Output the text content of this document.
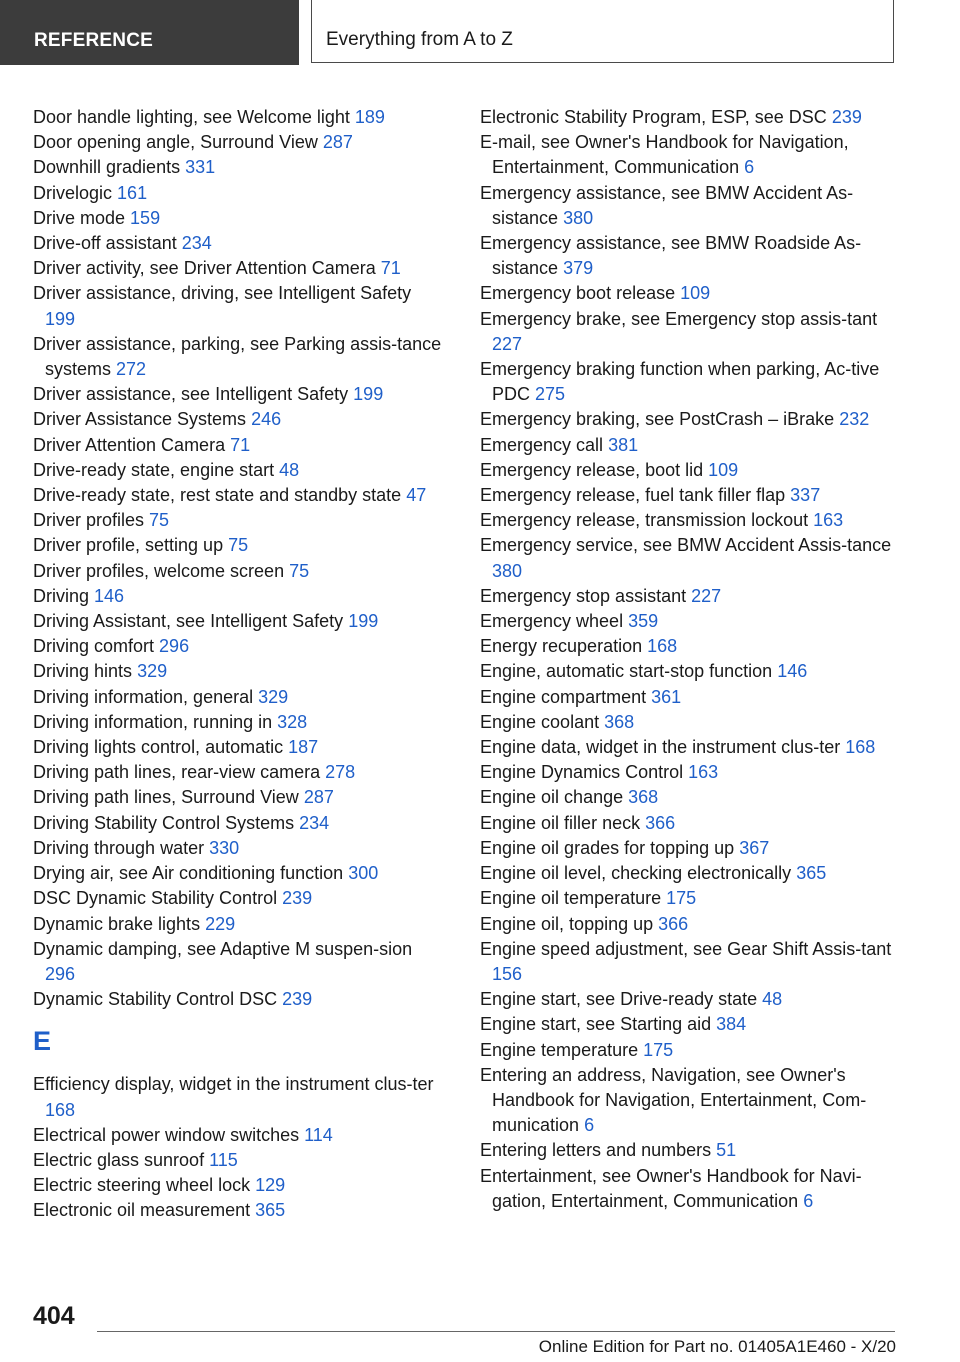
REFERENCE	Everything from A to Z
Door handle lighting, see Welcome light 189
Door opening angle, Surround View 287
Downhill gradients 331
Drivelogic 161
Drive mode 159
Drive-off assistant 234
Driver activity, see Driver Attention Camera 71
Driver assistance, driving, see Intelligent Safety 199
Driver assistance, parking, see Parking assis-tance systems 272
Driver assistance, see Intelligent Safety 199
Driver Assistance Systems 246
Driver Attention Camera 71
Drive-ready state, engine start 48
Drive-ready state, rest state and standby state 47
Driver profiles 75
Driver profile, setting up 75
Driver profiles, welcome screen 75
Driving 146
Driving Assistant, see Intelligent Safety 199
Driving comfort 296
Driving hints 329
Driving information, general 329
Driving information, running in 328
Driving lights control, automatic 187
Driving path lines, rear-view camera 278
Driving path lines, Surround View 287
Driving Stability Control Systems 234
Driving through water 330
Drying air, see Air conditioning function 300
DSC Dynamic Stability Control 239
Dynamic brake lights 229
Dynamic damping, see Adaptive M suspen-sion 296
Dynamic Stability Control DSC 239
E
Efficiency display, widget in the instrument clus-ter 168
Electrical power window switches 114
Electric glass sunroof 115
Electric steering wheel lock 129
Electronic oil measurement 365
Electronic Stability Program, ESP, see DSC 239
E-mail, see Owner's Handbook for Navigation, Entertainment, Communication 6
Emergency assistance, see BMW Accident As-sistance 380
Emergency assistance, see BMW Roadside As-sistance 379
Emergency boot release 109
Emergency brake, see Emergency stop assis-tant 227
Emergency braking function when parking, Ac-tive PDC 275
Emergency braking, see PostCrash – iBrake 232
Emergency call 381
Emergency release, boot lid 109
Emergency release, fuel tank filler flap 337
Emergency release, transmission lockout 163
Emergency service, see BMW Accident Assis-tance 380
Emergency stop assistant 227
Emergency wheel 359
Energy recuperation 168
Engine, automatic start-stop function 146
Engine compartment 361
Engine coolant 368
Engine data, widget in the instrument clus-ter 168
Engine Dynamics Control 163
Engine oil change 368
Engine oil filler neck 366
Engine oil grades for topping up 367
Engine oil level, checking electronically 365
Engine oil temperature 175
Engine oil, topping up 366
Engine speed adjustment, see Gear Shift Assis-tant 156
Engine start, see Drive-ready state 48
Engine start, see Starting aid 384
Engine temperature 175
Entering an address, Navigation, see Owner's Handbook for Navigation, Entertainment, Com-munication 6
Entering letters and numbers 51
Entertainment, see Owner's Handbook for Navi-gation, Entertainment, Communication 6
404
Online Edition for Part no. 01405A1E460 - X/20
